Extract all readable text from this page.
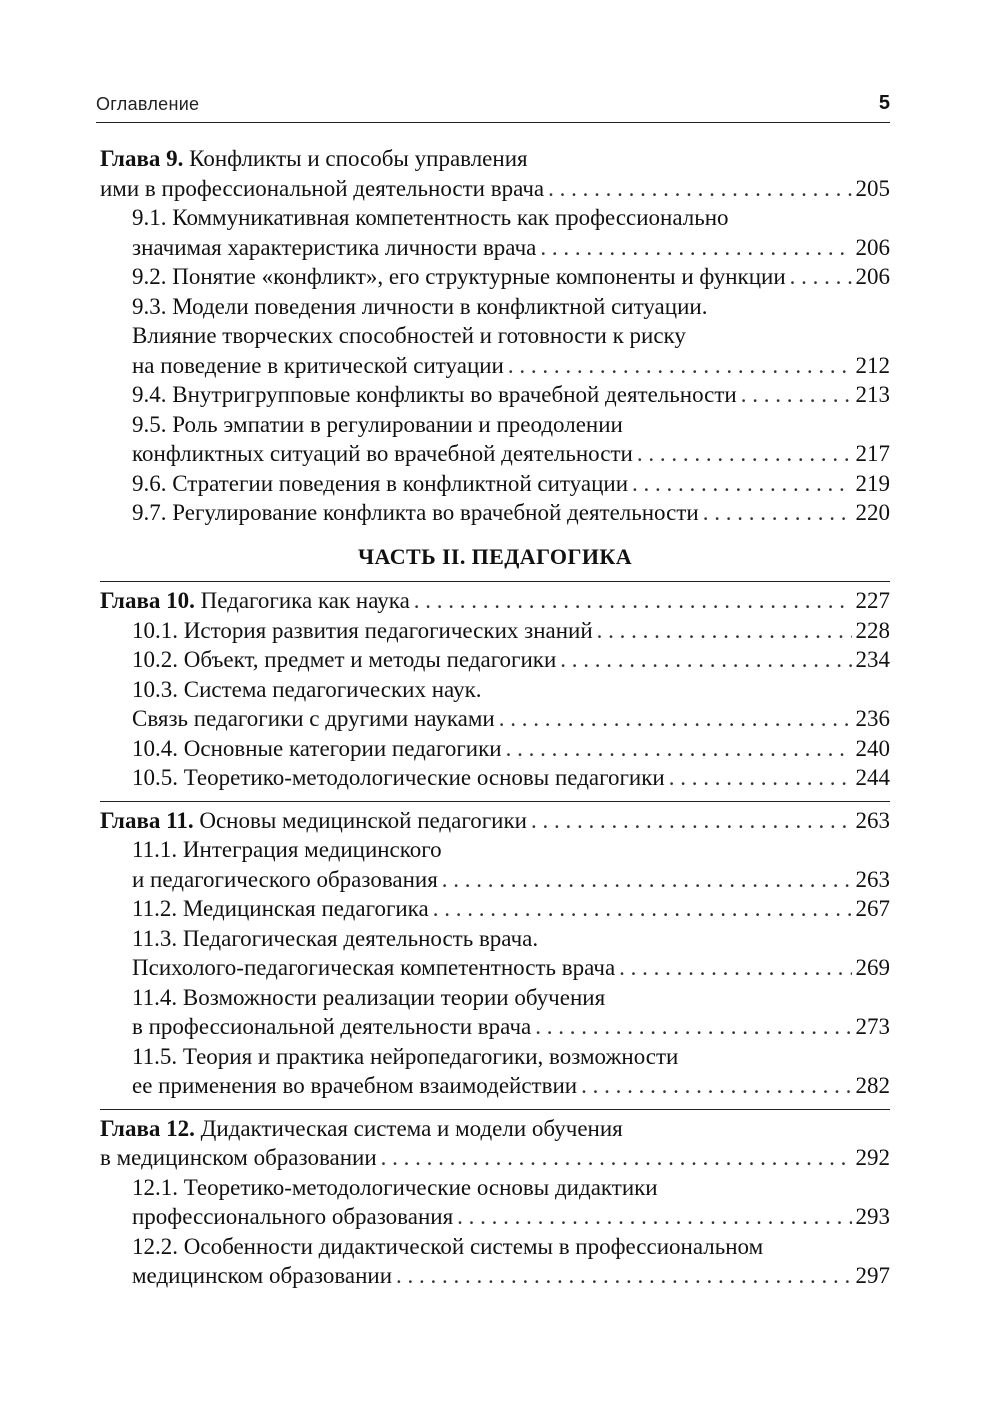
Оглавление	5
Глава 9. Конфликты и способы управления
ими в профессиональной деятельности врача . . .	205
9.1. Коммуникативная компетентность как профессионально
значимая характеристика личности врача . . .	206
9.2. Понятие «конфликт», его структурные компоненты и функции . . .	206
9.3. Модели поведения личности в конфликтной ситуации.
Влияние творческих способностей и готовности к риску
на поведение в критической ситуации . . .	212
9.4. Внутригрупповые конфликты во врачебной деятельности . . .	213
9.5. Роль эмпатии в регулировании и преодолении
конфликтных ситуаций во врачебной деятельности . . .	217
9.6. Стратегии поведения в конфликтной ситуации . . .	219
9.7. Регулирование конфликта во врачебной деятельности . . .	220
ЧАСТЬ II. ПЕДАГОГИКА
Глава 10. Педагогика как наука . . .	227
10.1. История развития педагогических знаний . . .	228
10.2. Объект, предмет и методы педагогики . . .	234
10.3. Система педагогических наук.
Связь педагогики с другими науками . . .	236
10.4. Основные категории педагогики . . .	240
10.5. Теоретико-методологические основы педагогики . . .	244
Глава 11. Основы медицинской педагогики . . .	263
11.1. Интеграция медицинского
и педагогического образования . . .	263
11.2. Медицинская педагогика . . .	267
11.3. Педагогическая деятельность врача.
Психолого-педагогическая компетентность врача . . .	269
11.4. Возможности реализации теории обучения
в профессиональной деятельности врача . . .	273
11.5. Теория и практика нейропедагогики, возможности
ее применения во врачебном взаимодействии . . .	282
Глава 12. Дидактическая система и модели обучения
в медицинском образовании . . .	292
12.1. Теоретико-методологические основы дидактики
профессионального образования . . .	293
12.2. Особенности дидактической системы в профессиональном
медицинском образовании . . .	297
